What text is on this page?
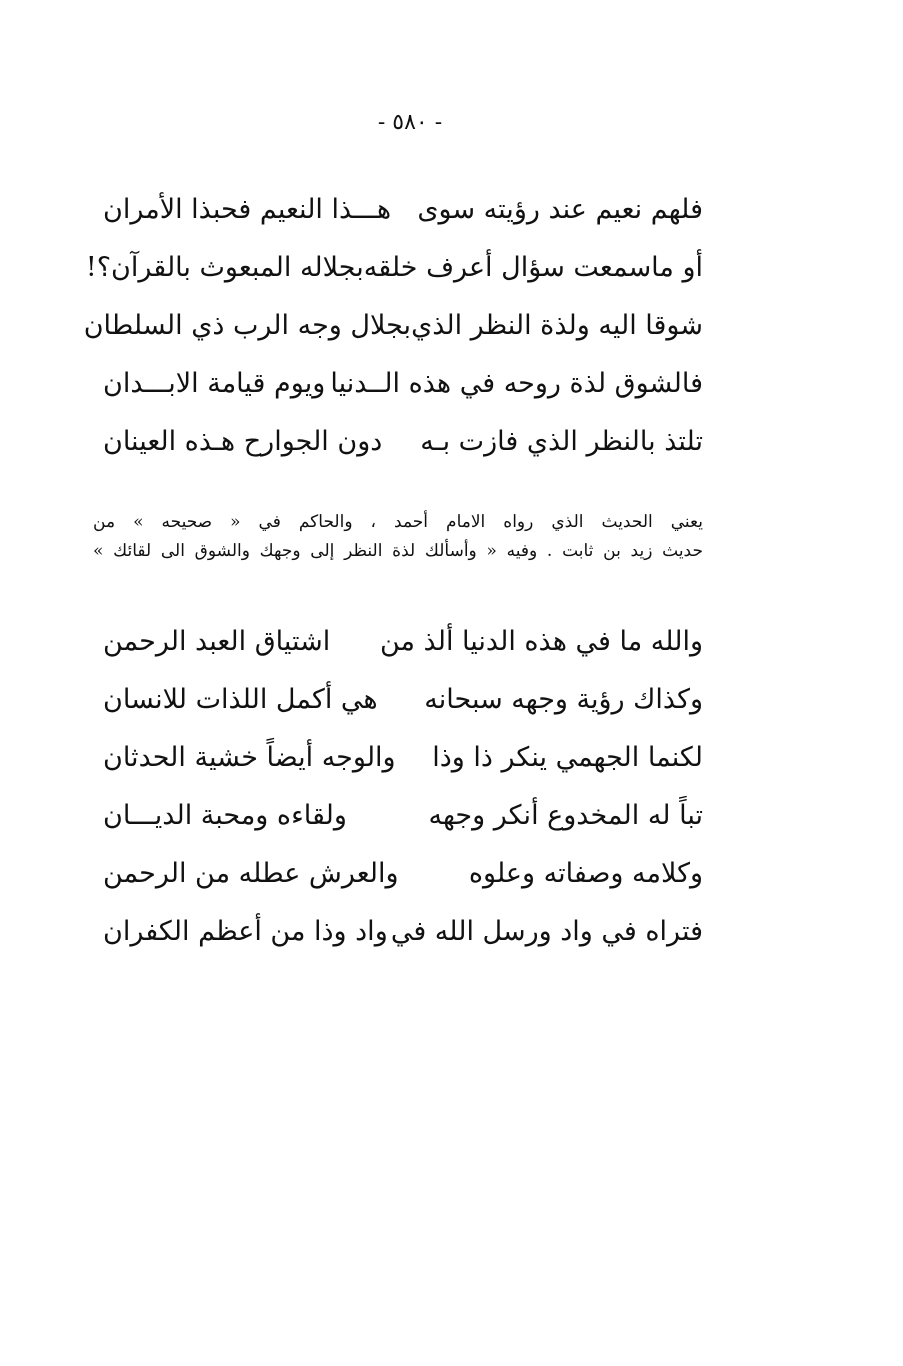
- ٥٨٠ -
فلهم نعيم عند رؤيته سوى
هـــذا النعيم فحبذا الأمران
أو ماسمعت سؤال أعرف خلقه
بجلاله المبعوث بالقرآن؟!
شوقا اليه ولذة النظر الذي
بجلال وجه الرب ذي السلطان
فالشوق لذة روحه في هذه الــدنيا
ويوم قيامة الابـــدان
تلتذ بالنظر الذي فازت بـه
دون الجوارح هـذه العينان
يعني الحديث الذي رواه الامام أحمد ، والحاكم في « صحيحه » من
حديث زيد بن ثابت . وفيه « وأسألك لذة النظر إلى وجهك والشوق الى لقائك »
والله ما في هذه الدنيا ألذ من
اشتياق العبد الرحمن
وكذاك رؤية وجهه سبحانه
هي أكمل اللذات للانسان
لكنما الجهمي ينكر ذا وذا
والوجه أيضاً خشية الحدثان
تباً له المخدوع أنكر وجهه
ولقاءه ومحبة الديـــان
وكلامه وصفاته وعلوه
والعرش عطله من الرحمن
فتراه في واد ورسل الله في
واد وذا من أعظم الكفران
